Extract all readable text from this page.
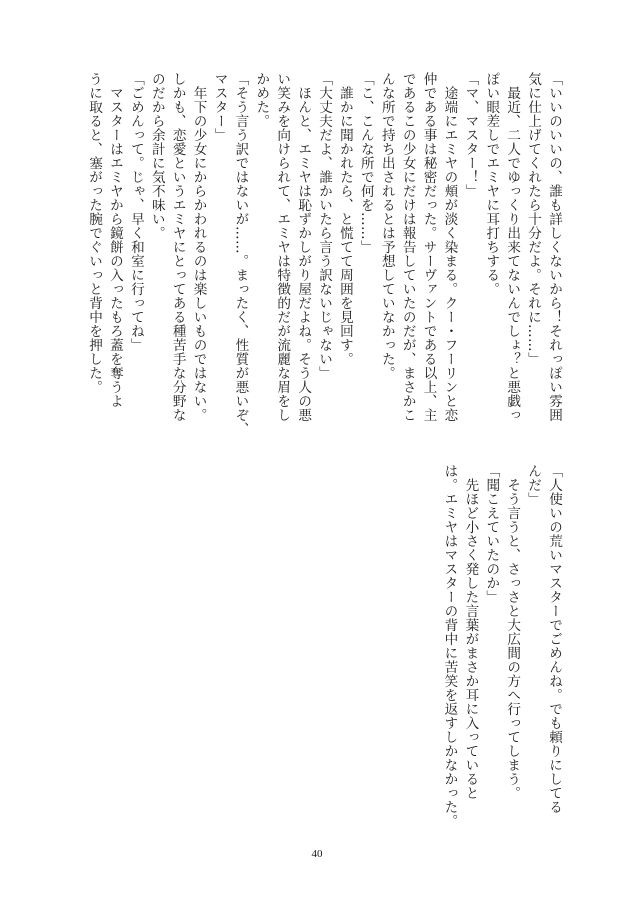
「いいのいいの、誰も詳しくないから！それっぽい雰囲

気に仕上げてくれたら十分だよ。それに……」

　最近、二人でゆっくり出来てないんでしょ？と悪戯っ

ぽい眼差しでエミヤに耳打ちする。

「マ、マスター！」

　途端にエミヤの頬が淡く染まる。クー・フーリンと恋

仲である事は秘密だった。サーヴァントである以上、主

であるこの少女にだけは報告していたのだが、まさかこ

んな所で持ち出されるとは予想していなかった。

「こ、こんな所で何を……」

　誰かに聞かれたら、と慌てて周囲を見回す。

「大丈夫だよ、誰かいたら言う訳ないじゃない」

　ほんと、エミヤは恥ずかしがり屋だよね。そう人の悪

い笑みを向けられて、エミヤは特徴的だが流麗な眉をし

かめた。

「そう言う訳ではないが……。まったく、性質が悪いぞ、

マスター」

　年下の少女にからかわれるのは楽しいものではない。

しかも、恋愛というエミヤにとってある種苦手な分野な

のだから余計に気不味い。

「ごめんって。じゃ、早く和室に行ってね」

　マスターはエミヤから鏡餅の入ったもろ蓋を奪うよ

うに取ると、塞がった腕でぐいっと背中を押した。

「人使いの荒いマスターでごめんね。でも頼りにしてる

んだ」

　そう言うと、さっさと大広間の方へ行ってしまう。

「聞こえていたのか」

　先ほど小さく発した言葉がまさか耳に入っていると

は。エミヤはマスターの背中に苦笑を返すしかなかった。

40
